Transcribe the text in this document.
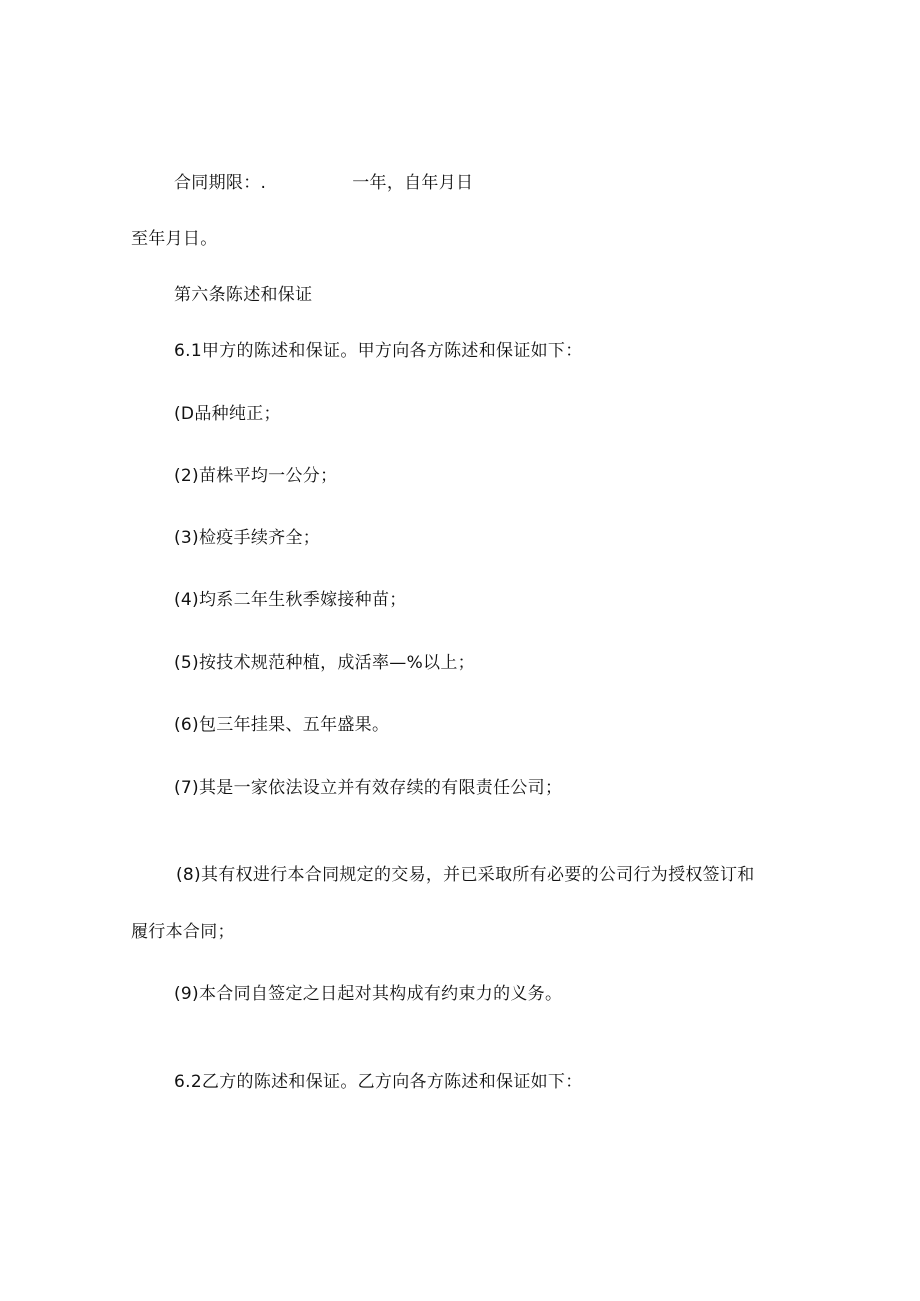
合同期限：.	一年，自年月日
至年月日。
第六条陈述和保证
6.1甲方的陈述和保证。甲方向各方陈述和保证如下：
(D品种纯正；
(2)苗株平均一公分；
(3)检疫手续齐全；
(4)均系二年生秋季嫁接种苗；
(5)按技术规范种植，成活率—%以上；
(6)包三年挂果、五年盛果。
(7)其是一家依法设立并有效存续的有限责任公司；
(8)其有权进行本合同规定的交易，并已采取所有必要的公司行为授权签订和
履行本合同；
(9)本合同自签定之日起对其构成有约束力的义务。
6.2乙方的陈述和保证。乙方向各方陈述和保证如下：
